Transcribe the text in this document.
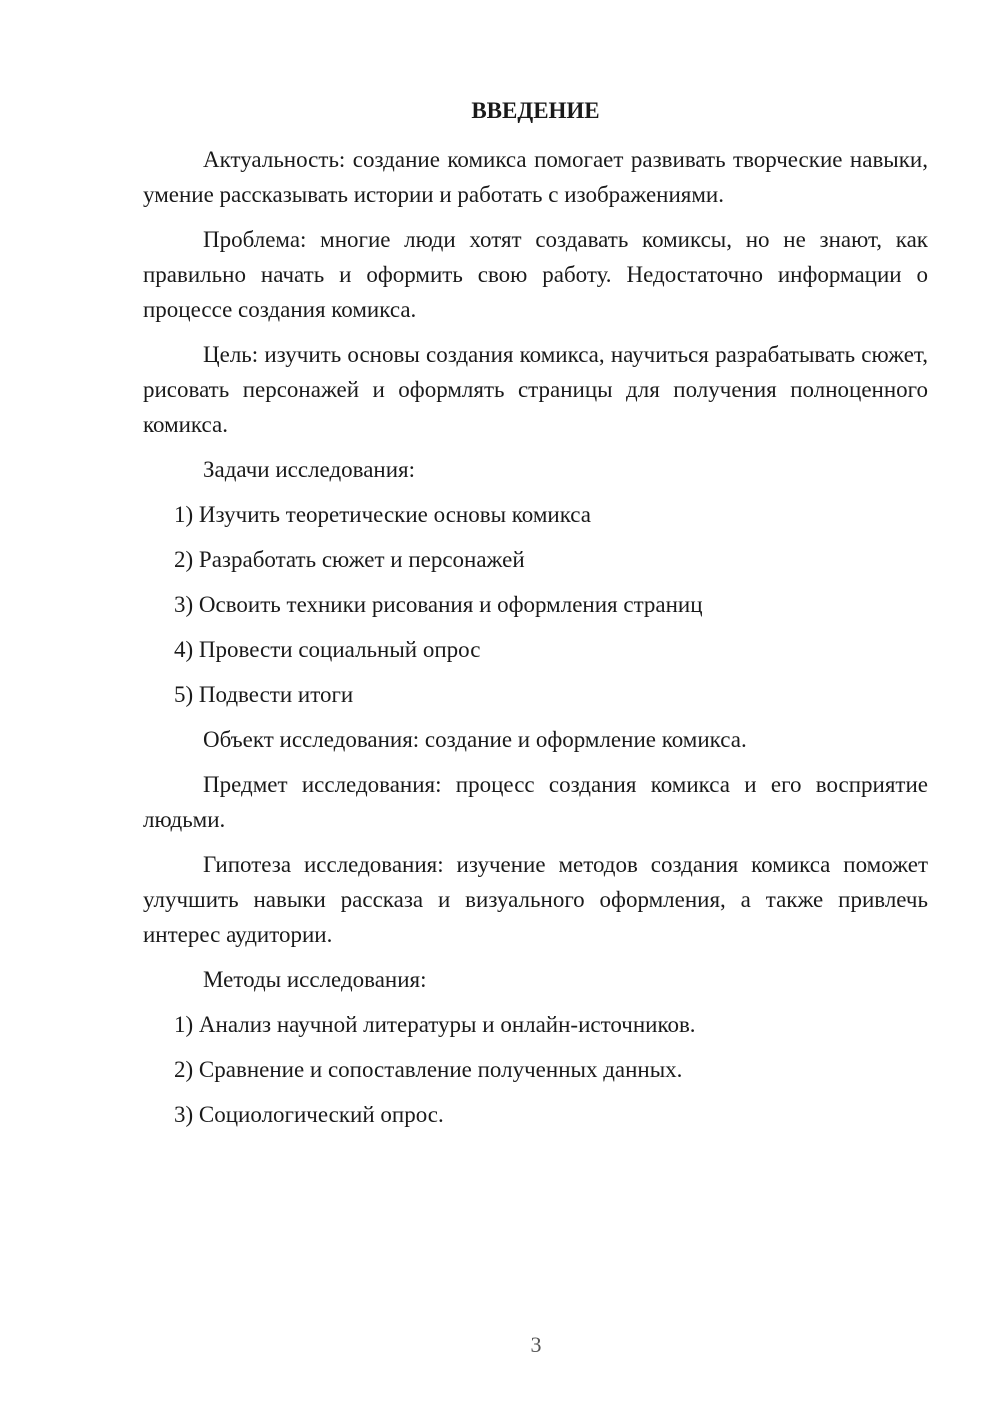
ВВЕДЕНИЕ

Актуальность: создание комикса помогает развивать творческие навыки, умение рассказывать истории и работать с изображениями.

Проблема: многие люди хотят создавать комиксы, но не знают, как правильно начать и оформить свою работу. Недостаточно информации о процессе создания комикса.

Цель: изучить основы создания комикса, научиться разрабатывать сюжет, рисовать персонажей и оформлять страницы для получения полноценного комикса.

Задачи исследования:

1) Изучить теоретические основы комикса

2) Разработать сюжет и персонажей

3) Освоить техники рисования и оформления страниц

4) Провести социальный опрос

5) Подвести итоги

Объект исследования: создание и оформление комикса.

Предмет исследования: процесс создания комикса и его восприятие людьми.

Гипотеза исследования: изучение методов создания комикса поможет улучшить навыки рассказа и визуального оформления, а также привлечь интерес аудитории.

Методы исследования:

1) Анализ научной литературы и онлайн-источников.

2) Сравнение и сопоставление полученных данных.

3) Социологический опрос.

3
